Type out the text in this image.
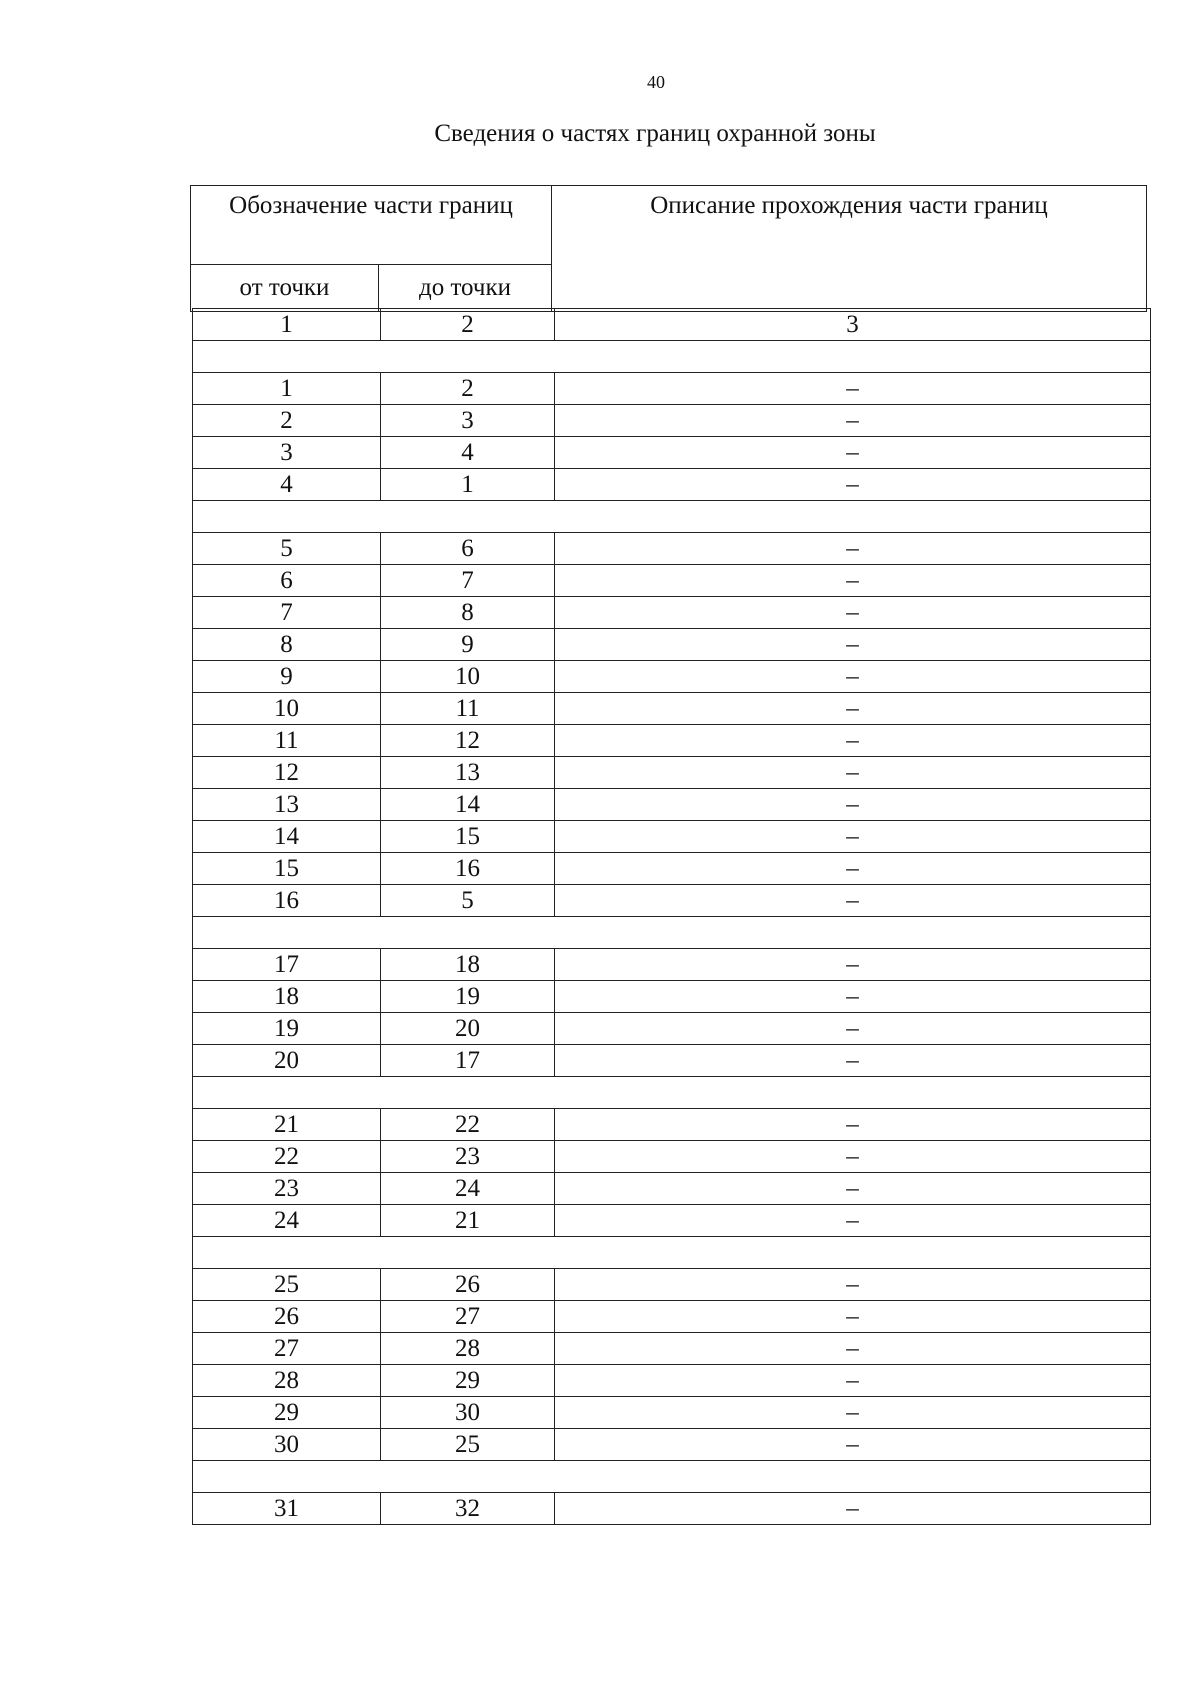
40
Сведения о частях границ охранной зоны
Обозначение части границ		Описание прохождения части границ
от точки	до точки	
1	2	3

1	2	–
2	3	–
3	4	–
4	1	–

5	6	–
6	7	–
7	8	–
8	9	–
9	10	–
10	11	–
11	12	–
12	13	–
13	14	–
14	15	–
15	16	–
16	5	–

17	18	–
18	19	–
19	20	–
20	17	–

21	22	–
22	23	–
23	24	–
24	21	–

25	26	–
26	27	–
27	28	–
28	29	–
29	30	–
30	25	–

31	32	–
